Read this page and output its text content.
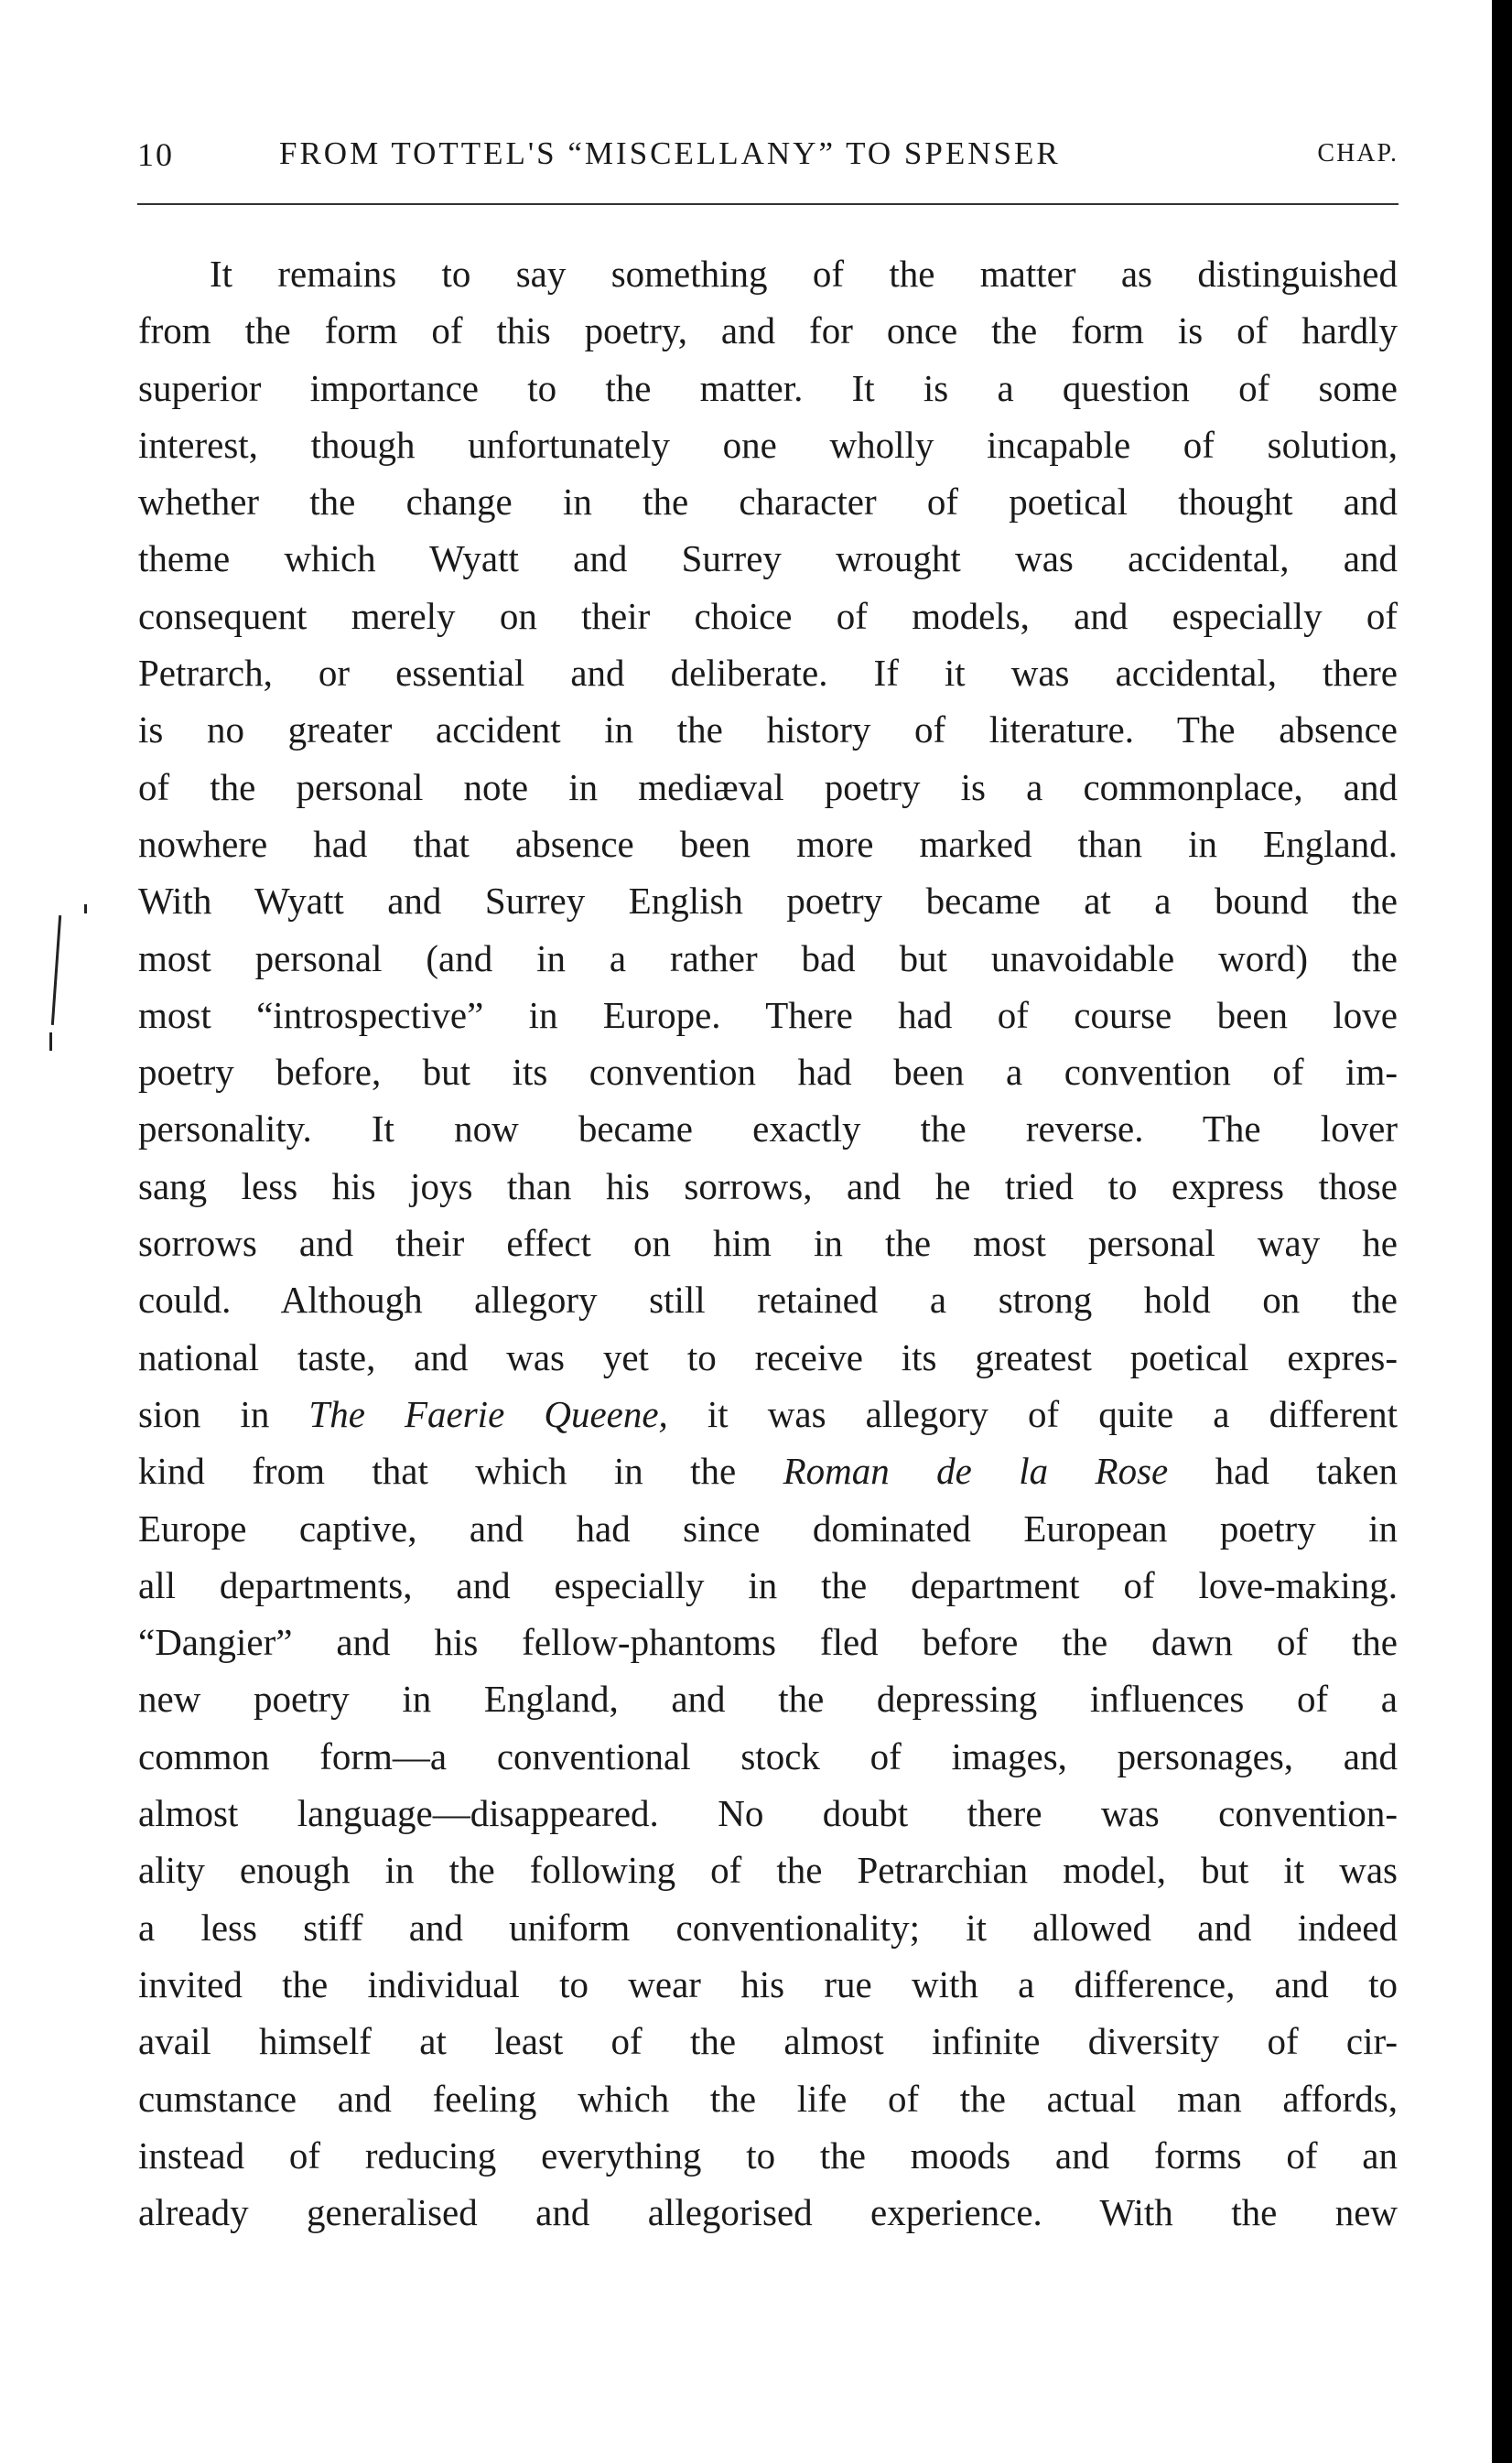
10	FROM TOTTEL'S “MISCELLANY” TO SPENSER	CHAP.
It remains to say something of the matter as distinguished
from the form of this poetry, and for once the form is of hardly
superior importance to the matter. It is a question of some
interest, though unfortunately one wholly incapable of solution,
whether the change in the character of poetical thought and
theme which Wyatt and Surrey wrought was accidental, and
consequent merely on their choice of models, and especially of
Petrarch, or essential and deliberate. If it was accidental, there
is no greater accident in the history of literature. The absence
of the personal note in mediæval poetry is a commonplace, and
nowhere had that absence been more marked than in England.
With Wyatt and Surrey English poetry became at a bound the
most personal (and in a rather bad but unavoidable word) the
most “introspective” in Europe. There had of course been love
poetry before, but its convention had been a convention of im-
personality. It now became exactly the reverse. The lover
sang less his joys than his sorrows, and he tried to express those
sorrows and their effect on him in the most personal way he
could. Although allegory still retained a strong hold on the
national taste, and was yet to receive its greatest poetical expres-
sion in The Faerie Queene, it was allegory of quite a different
kind from that which in the Roman de la Rose had taken
Europe captive, and had since dominated European poetry in
all departments, and especially in the department of love-making.
“Dangier” and his fellow-phantoms fled before the dawn of the
new poetry in England, and the depressing influences of a
common form—a conventional stock of images, personages, and
almost language—disappeared. No doubt there was convention-
ality enough in the following of the Petrarchian model, but it was
a less stiff and uniform conventionality; it allowed and indeed
invited the individual to wear his rue with a difference, and to
avail himself at least of the almost infinite diversity of cir-
cumstance and feeling which the life of the actual man affords,
instead of reducing everything to the moods and forms of an
already generalised and allegorised experience. With the new
